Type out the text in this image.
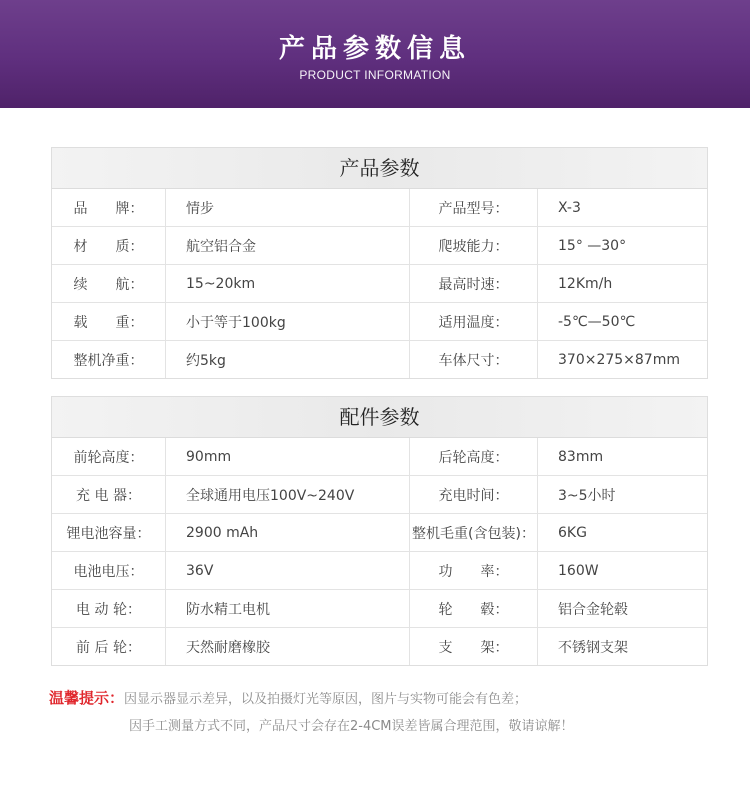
产品参数信息
PRODUCT INFORMATION
产品参数
品　　牌：	情步	产品型号：	X-3
材　　质：	航空铝合金	爬坡能力：	15° —30°
续　　航：	15~20km	最高时速：	12Km/h
载　　重：	小于等于100kg	适用温度：	-5℃—50℃
整机净重：	约5kg	车体尺寸：	370×275×87mm
配件参数
前轮高度：	90mm	后轮高度：	83mm
充 电 器：	全球通用电压100V~240V	充电时间：	3~5小时
锂电池容量：	2900 mAh	整机毛重(含包装)：	6KG
电池电压：	36V	功　　率：	160W
电 动 轮：	防水精工电机	轮　　毂：	铝合金轮毂
前 后 轮：	天然耐磨橡胶	支　　架：	不锈钢支架
温馨提示：因显示器显示差异，以及拍摄灯光等原因，图片与实物可能会有色差；
因手工测量方式不同，产品尺寸会存在2-4CM误差皆属合理范围，敬请谅解！
